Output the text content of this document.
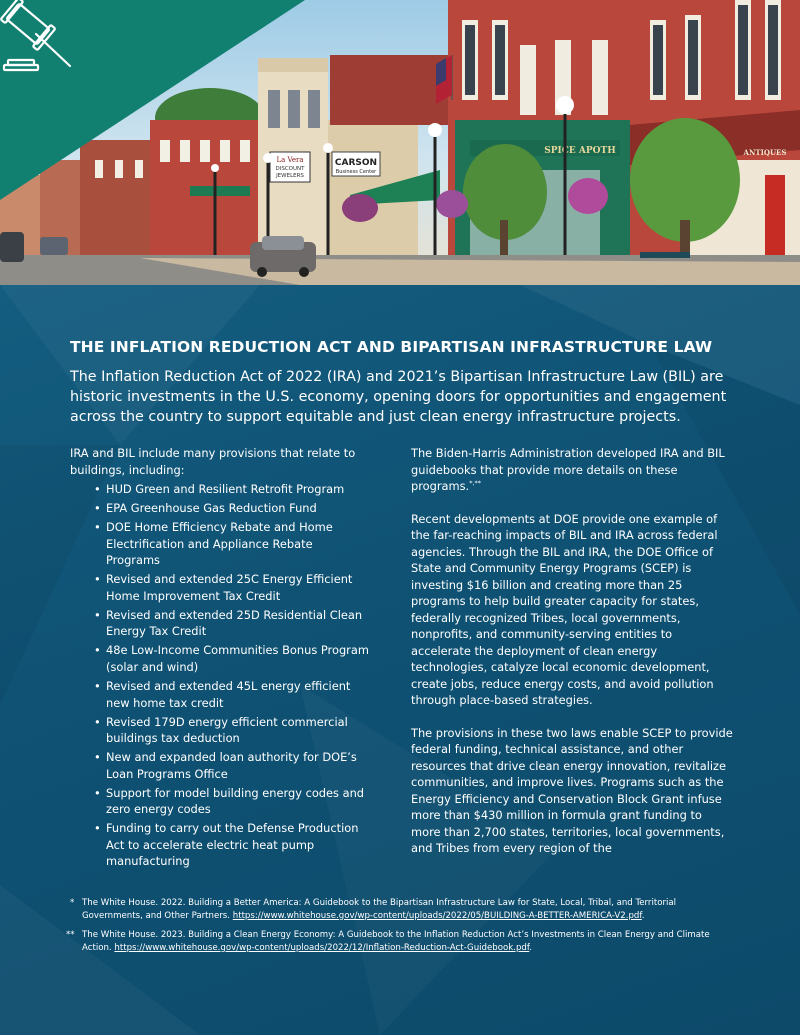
La Vera
DISCOUNT
JEWELERS
CARSON
Business Center
SPICE APOTH	ANTIQUES
THE INFLATION REDUCTION ACT AND BIPARTISAN INFRASTRUCTURE LAW
The Inflation Reduction Act of 2022 (IRA) and 2021’s Bipartisan Infrastructure Law (BIL) are historic investments in the U.S. economy, opening doors for opportunities and engagement across the country to support equitable and just clean energy infrastructure projects.

IRA and BIL include many provisions that relate to buildings, including:

• HUD Green and Resilient Retrofit Program
• EPA Greenhouse Gas Reduction Fund
• DOE Home Efficiency Rebate and Home Electrification and Appliance Rebate Programs
• Revised and extended 25C Energy Efficient Home Improvement Tax Credit
• Revised and extended 25D Residential Clean Energy Tax Credit
• 48e Low-Income Communities Bonus Program (solar and wind)
• Revised and extended 45L energy efficient new home tax credit
• Revised 179D energy efficient commercial buildings tax deduction
• New and expanded loan authority for DOE’s Loan Programs Office
• Support for model building energy codes and zero energy codes
• Funding to carry out the Defense Production Act to accelerate electric heat pump manufacturing

The Biden-Harris Administration developed IRA and BIL guidebooks that provide more details on these programs.*,**

Recent developments at DOE provide one example of the far-reaching impacts of BIL and IRA across federal agencies. Through the BIL and IRA, the DOE Office of State and Community Energy Programs (SCEP) is investing $16 billion and creating more than 25 programs to help build greater capacity for states, federally recognized Tribes, local governments, nonprofits, and community-serving entities to accelerate the deployment of clean energy technologies, catalyze local economic development, create jobs, reduce energy costs, and avoid pollution through place-based strategies.

The provisions in these two laws enable SCEP to provide federal funding, technical assistance, and other resources that drive clean energy innovation, revitalize communities, and improve lives. Programs such as the Energy Efficiency and Conservation Block Grant infuse more than $430 million in formula grant funding to more than 2,700 states, territories, local governments, and Tribes from every region of the

* The White House. 2022. Building a Better America: A Guidebook to the Bipartisan Infrastructure Law for State, Local, Tribal, and Territorial Governments, and Other Partners. https://www.whitehouse.gov/wp-content/uploads/2022/05/BUILDING-A-BETTER-AMERICA-V2.pdf.
** The White House. 2023. Building a Clean Energy Economy: A Guidebook to the Inflation Reduction Act’s Investments in Clean Energy and Climate Action. https://www.whitehouse.gov/wp-content/uploads/2022/12/Inflation-Reduction-Act-Guidebook.pdf.
